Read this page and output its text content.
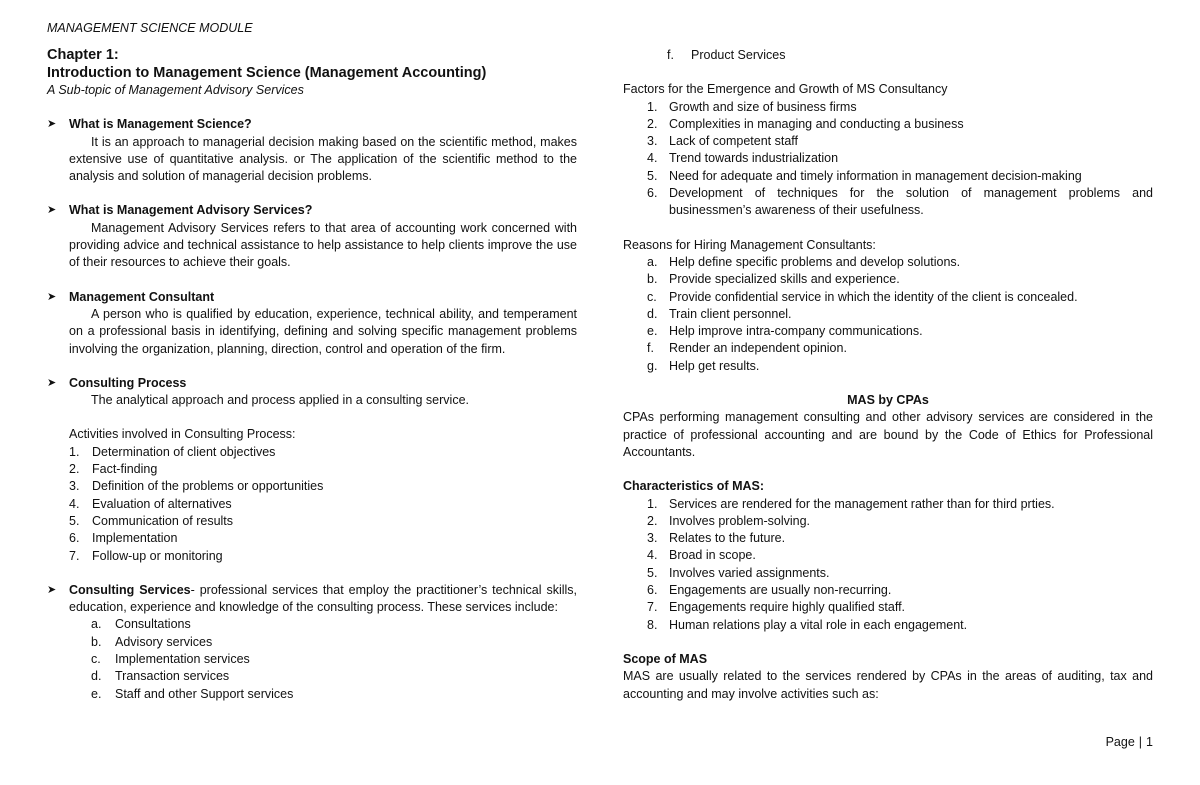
MANAGEMENT SCIENCE MODULE
Chapter 1:
Introduction to Management Science (Management Accounting)
A Sub-topic of Management Advisory Services
➤ What is Management Science?
It is an approach to managerial decision making based on the scientific method, makes extensive use of quantitative analysis. or The application of the scientific method to the analysis and solution of managerial decision problems.
➤ What is Management Advisory Services?
Management Advisory Services refers to that area of accounting work concerned with providing advice and technical assistance to help assistance to help clients improve the use of their resources to achieve their goals.
➤ Management Consultant
A person who is qualified by education, experience, technical ability, and temperament on a professional basis in identifying, defining and solving specific management problems involving the organization, planning, direction, control and operation of the firm.
➤ Consulting Process
The analytical approach and process applied in a consulting service.
Activities involved in Consulting Process:
1. Determination of client objectives
2. Fact-finding
3. Definition of the problems or opportunities
4. Evaluation of alternatives
5. Communication of results
6. Implementation
7. Follow-up or monitoring
➤ Consulting Services- professional services that employ the practitioner’s technical skills, education, experience and knowledge of the consulting process. These services include:
a. Consultations
b. Advisory services
c. Implementation services
d. Transaction services
e. Staff and other Support services
f. Product Services
Factors for the Emergence and Growth of MS Consultancy
1. Growth and size of business firms
2. Complexities in managing and conducting a business
3. Lack of competent staff
4. Trend towards industrialization
5. Need for adequate and timely information in management decision-making
6. Development of techniques for the solution of management problems and businessmen’s awareness of their usefulness.
Reasons for Hiring Management Consultants:
a. Help define specific problems and develop solutions.
b. Provide specialized skills and experience.
c. Provide confidential service in which the identity of the client is concealed.
d. Train client personnel.
e. Help improve intra-company communications.
f. Render an independent opinion.
g. Help get results.
MAS by CPAs
CPAs performing management consulting and other advisory services are considered in the practice of professional accounting and are bound by the Code of Ethics for Professional Accountants.
Characteristics of MAS:
1. Services are rendered for the management rather than for third prties.
2. Involves problem-solving.
3. Relates to the future.
4. Broad in scope.
5. Involves varied assignments.
6. Engagements are usually non-recurring.
7. Engagements require highly qualified staff.
8. Human relations play a vital role in each engagement.
Scope of MAS
MAS are usually related to the services rendered by CPAs in the areas of auditing, tax and accounting and may involve activities such as:
Page | 1
